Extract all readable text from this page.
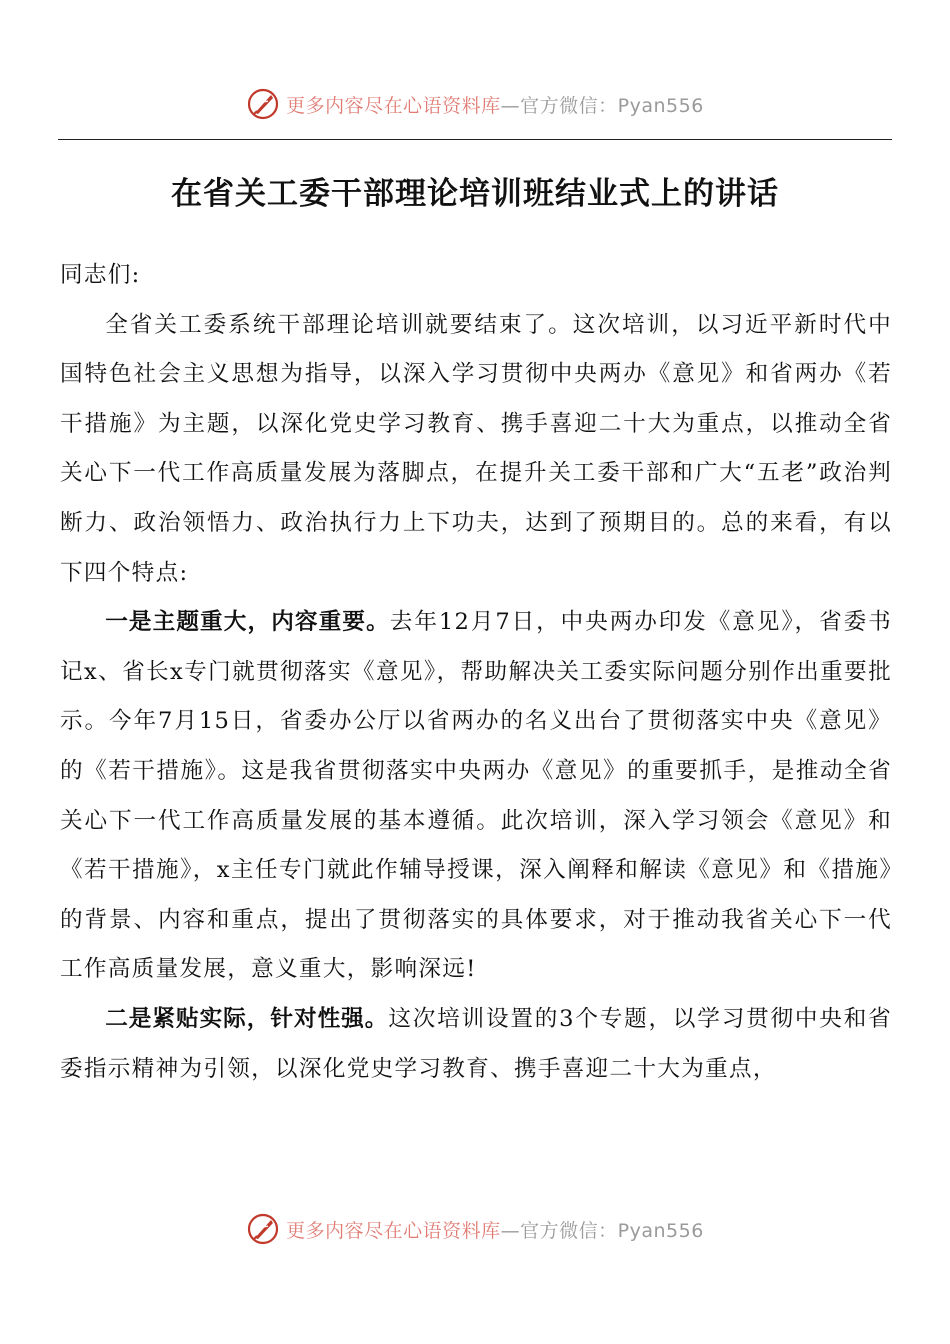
更多内容尽在心语资料库—官方微信：Pyan556
在省关工委干部理论培训班结业式上的讲话

同志们:

全省关工委系统干部理论培训就要结束了。这次培训，以习近平新时代中国特色社会主义思想为指导，以深入学习贯彻中央两办《意见》和省两办《若干措施》为主题，以深化党史学习教育、携手喜迎二十大为重点，以推动全省关心下一代工作高质量发展为落脚点，在提升关工委干部和广大“五老”政治判断力、政治领悟力、政治执行力上下功夫，达到了预期目的。总的来看，有以下四个特点:

一是主题重大，内容重要。去年12月7日，中央两办印发《意见》，省委书记x、省长x专门就贯彻落实《意见》，帮助解决关工委实际问题分别作出重要批示。今年7月15日，省委办公厅以省两办的名义出台了贯彻落实中央《意见》的《若干措施》。这是我省贯彻落实中央两办《意见》的重要抓手，是推动全省关心下一代工作高质量发展的基本遵循。此次培训，深入学习领会《意见》和《若干措施》，x主任专门就此作辅导授课，深入阐释和解读《意见》和《措施》的背景、内容和重点，提出了贯彻落实的具体要求，对于推动我省关心下一代工作高质量发展，意义重大，影响深远!

二是紧贴实际，针对性强。这次培训设置的3个专题，以学习贯彻中央和省委指示精神为引领，以深化党史学习教育、携手喜迎二十大为重点，

更多内容尽在心语资料库—官方微信：Pyan556
